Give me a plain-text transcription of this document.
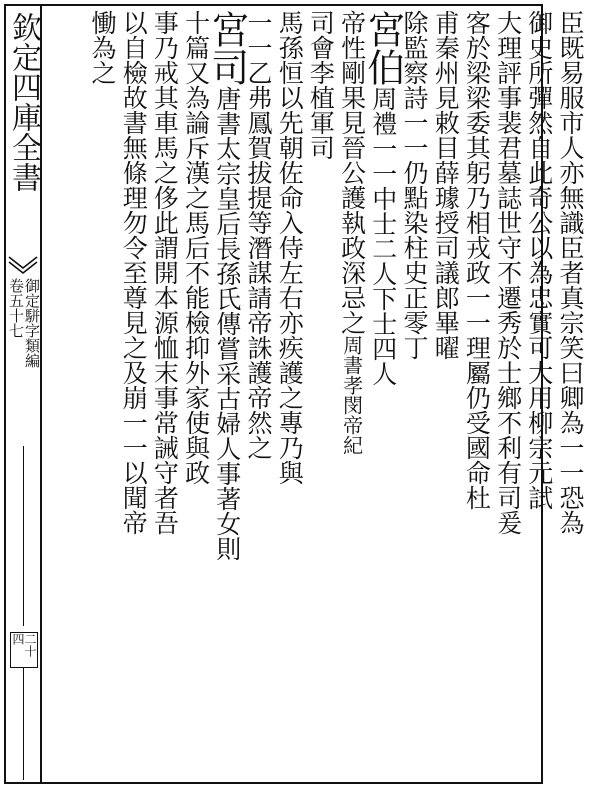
欽定四庫全書
御定駢字類編
卷五十七
二十四
臣既易服市人亦無識臣者真宗笑曰卿為一一恐為
御史所彈然自此奇公以為忠實可大用柳宗元試
大理評事裴君墓誌世守不遷秀於士鄉不利有司爰
客於梁梁委其躬乃相戎政一一理屬仍受國命杜
甫秦州見敕目薛璩授司議郎畢曜
除監察詩一一仍點染柱史正零丁
宮伯周禮一一中士二人下士四人
帝性剛果見晉公護執政深忌之周書孝閔帝紀
司會李植軍司
馬孫恒以先朝佐命入侍左右亦疾護之專乃與
一一乙弗鳳賀拔提等潛謀請帝誅護帝然之
宮司唐書太宗皇后長孫氏傳嘗采古婦人事著女則
十篇又為論斥漢之馬后不能檢抑外家使與政
事乃戒其車馬之侈此謂開本源恤末事常誡守者吾
以自檢故書無條理勿令至尊見之及崩一一以聞帝
慟為之
